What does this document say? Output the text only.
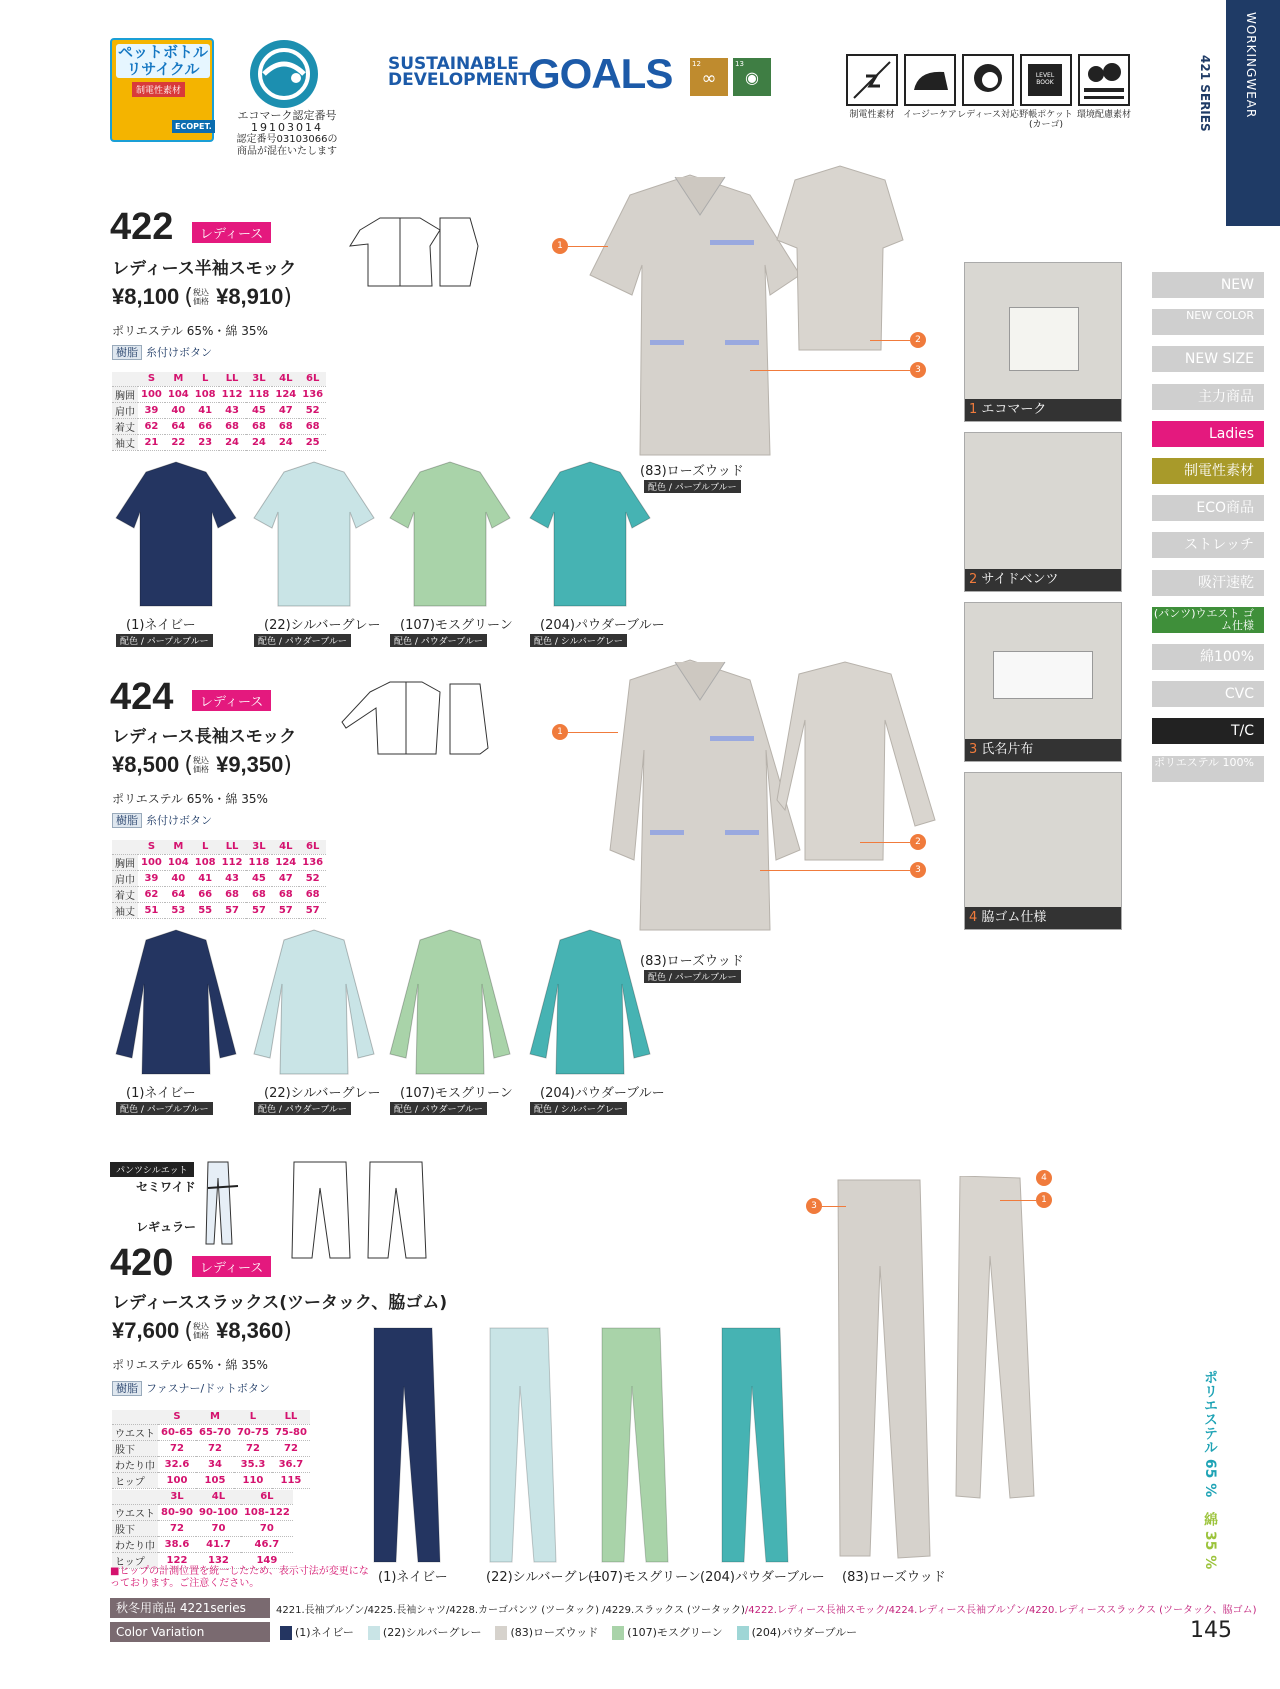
ペットボトル リサイクル
制電性素材
ECOPET.
エコマーク認定番号
19103014
認定番号03103066の
商品が混在いたします
SUSTAINABLE
DEVELOPMENT
GOALS	12
∞
13
◉	LEVEL BOOK
制電性素材 イージーケア レディース対応 野帳ポケット (カーゴ)
環境配慮素材	WORKINGWEAR
421 SERIES
NEW
NEW COLOR
NEW SIZE
主力商品
Ladies
制電性素材
ECO商品
ストレッチ
吸汗速乾
(パンツ)ウエスト ゴム仕様
綿100%
CVC
T/C
ポリエステル 100%
1 エコマーク
2 サイドベンツ
3 氏名片布
4 脇ゴム仕様
422	レディース
レディース半袖スモック
¥8,100 (税込価格 ¥8,910)
ポリエステル 65%・綿 35%
樹脂 糸付けボタン
	S	M	L	LL	3L	4L	6L
胸囲	100	104	108	112	118	124	136
肩巾	39	40	41	43	45	47	52
着丈	62	64	66	68	68	68	68
袖丈	21	22	23	24	24	24	25
1
2
3
(83)ローズウッド
配色 / パープルブルー
(1)ネイビー
配色 / パープルブルー
(22)シルバーグレー
配色 / パウダーブルー
(107)モスグリーン
配色 / パウダーブルー
(204)パウダーブルー
配色 / シルバーグレー
424	レディース
レディース長袖スモック
¥8,500 (税込価格 ¥9,350)
ポリエステル 65%・綿 35%
樹脂 糸付けボタン
	S	M	L	LL	3L	4L	6L
胸囲	100	104	108	112	118	124	136
肩巾	39	40	41	43	45	47	52
着丈	62	64	66	68	68	68	68
袖丈	51	53	55	57	57	57	57
1
2
3
(83)ローズウッド
配色 / パープルブルー
(1)ネイビー
配色 / パープルブルー
(22)シルバーグレー
配色 / パウダーブルー
(107)モスグリーン
配色 / パウダーブルー
(204)パウダーブルー
配色 / シルバーグレー
パンツシルエット
セミワイド
レギュラー
420	レディース
レディーススラックス(ツータック、脇ゴム)
¥7,600 (税込価格 ¥8,360)
ポリエステル 65%・綿 35%
樹脂 ファスナー/ドットボタン
	S	M	L	LL
ウエスト	60-65	65-70	70-75	75-80
股下	72	72	72	72
わたり巾	32.6	34	35.3	36.7
ヒップ	100	105	110	115
	3L	4L	6L
ウエスト	80-90	90-100	108-122
股下	72	70	70
わたり巾	38.6	41.7	46.7
ヒップ	122	132	149
■ヒップの計測位置を統一したため、表示寸法が変更になっております。ご注意ください。	(1)ネイビー	(22)シルバーグレー
(107)モスグリーン (204)パウダーブルー (83)ローズウッド
3
4
1
ポリエステル 65 %
綿 35 %
秋冬用商品 4221series	4221.長袖ブルゾン/4225.長袖シャツ/4228.カーゴパンツ (ツータック) /4229.スラックス (ツータック)/4222.レディース長袖スモック/4224.レディース長袖ブルゾン/4220.レディーススラックス (ツータック、脇ゴム)
Color Variation	(1)ネイビー	(22)シルバーグレー	(83)ローズウッド	(107)モスグリーン	(204)パウダーブルー	145
